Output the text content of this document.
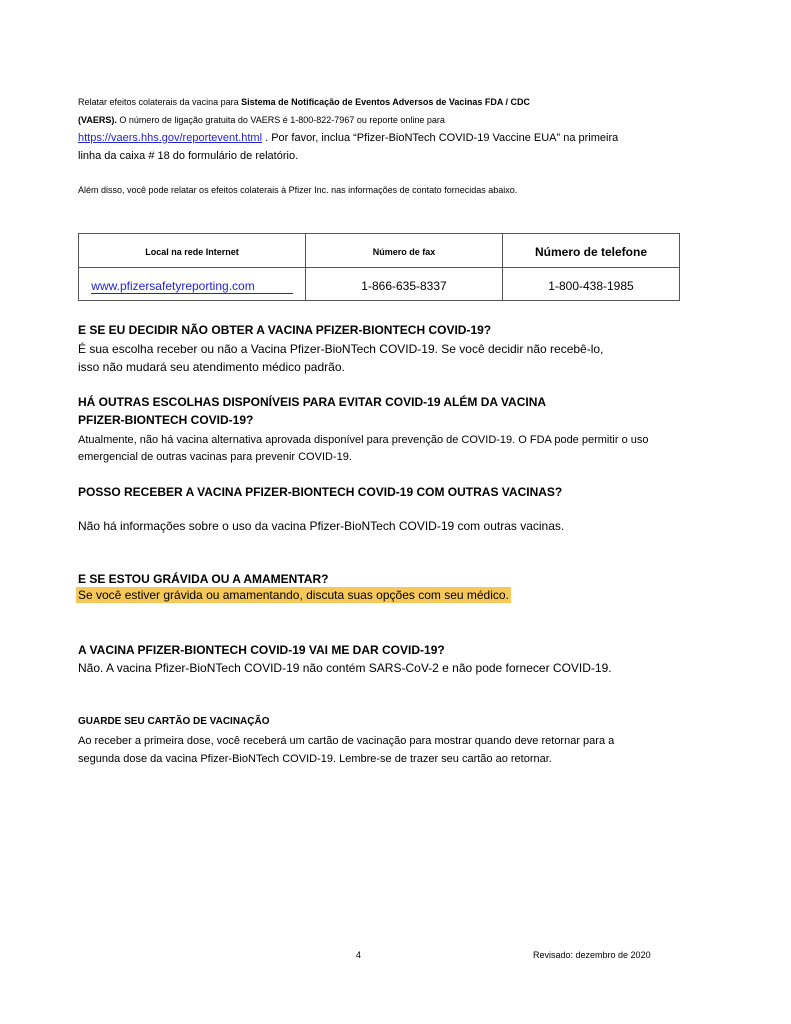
Relatar efeitos colaterais da vacina para Sistema de Notificação de Eventos Adversos de Vacinas FDA / CDC
(VAERS). O número de ligação gratuita do VAERS é 1-800-822-7967 ou reporte online para
https://vaers.hhs.gov/reportevent.html . Por favor, inclua “Pfizer-BioNTech COVID-19 Vaccine EUA” na primeira
linha da caixa # 18 do formulário de relatório.
Além disso, você pode relatar os efeitos colaterais à Pfizer Inc. nas informações de contato fornecidas abaixo.
Local na rede Internet	Número de fax	Número de telefone
www.pfizersafetyreporting.com	1-866-635-8337	1-800-438-1985
E SE EU DECIDIR NÃO OBTER A VACINA PFIZER-BIONTECH COVID-19?
É sua escolha receber ou não a Vacina Pfizer-BioNTech COVID-19. Se você decidir não recebê-lo,
isso não mudará seu atendimento médico padrão.
HÁ OUTRAS ESCOLHAS DISPONÍVEIS PARA EVITAR COVID-19 ALÉM DA VACINA
PFIZER-BIONTECH COVID-19?
Atualmente, não há vacina alternativa aprovada disponível para prevenção de COVID-19. O FDA pode permitir o uso
emergencial de outras vacinas para prevenir COVID-19.
POSSO RECEBER A VACINA PFIZER-BIONTECH COVID-19 COM OUTRAS VACINAS?
Não há informações sobre o uso da vacina Pfizer-BioNTech COVID-19 com outras vacinas.
E SE ESTOU GRÁVIDA OU A AMAMENTAR?
Se você estiver grávida ou amamentando, discuta suas opções com seu médico.
A VACINA PFIZER-BIONTECH COVID-19 VAI ME DAR COVID-19?
Não. A vacina Pfizer-BioNTech COVID-19 não contém SARS-CoV-2 e não pode fornecer COVID-19.
GUARDE SEU CARTÃO DE VACINAÇÃO
Ao receber a primeira dose, você receberá um cartão de vacinação para mostrar quando deve retornar para a
segunda dose da vacina Pfizer-BioNTech COVID-19. Lembre-se de trazer seu cartão ao retornar.
4	Revisado: dezembro de 2020
